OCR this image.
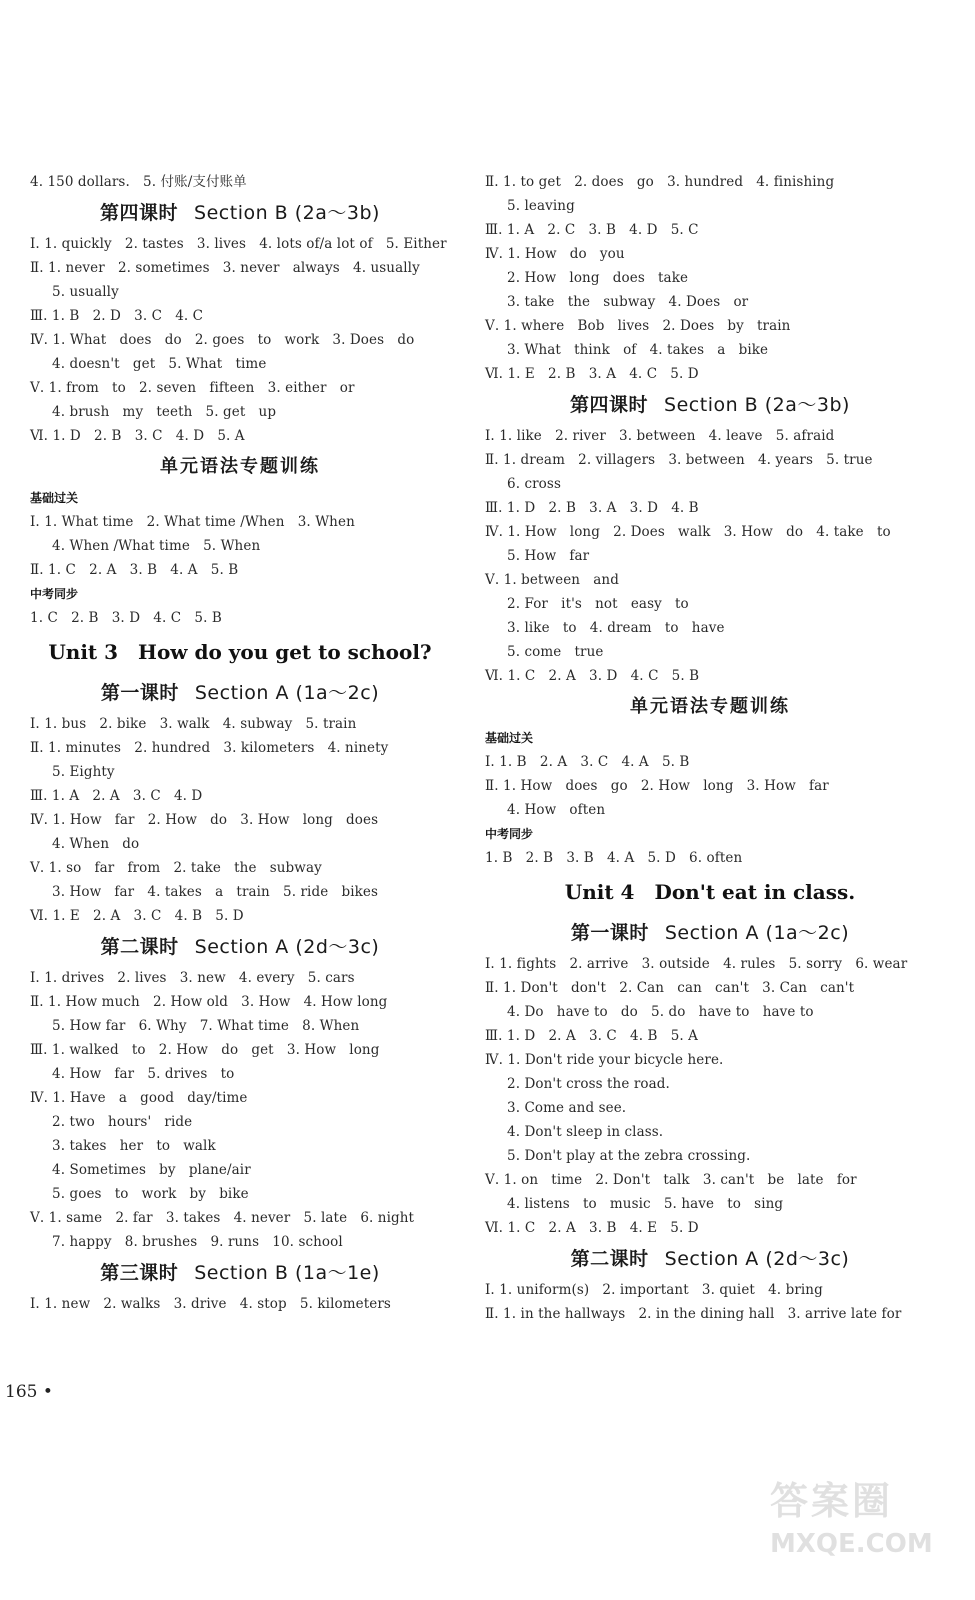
4. 150 dollars.   5. 付账/支付账单
第四课时 Section B (2a～3b)
Ⅰ. 1. quickly   2. tastes   3. lives   4. lots of/a lot of   5. Either
Ⅱ. 1. never   2. sometimes   3. never   always   4. usually
5. usually
Ⅲ. 1. B   2. D   3. C   4. C
Ⅳ. 1. What   does   do   2. goes   to   work   3. Does   do
4. doesn't   get   5. What   time
Ⅴ. 1. from   to   2. seven   fifteen   3. either   or
4. brush   my   teeth   5. get   up
Ⅵ. 1. D   2. B   3. C   4. D   5. A
单元语法专题训练
基础过关
Ⅰ. 1. What time   2. What time /When   3. When
4. When /What time   5. When
Ⅱ. 1. C   2. A   3. B   4. A   5. B
中考同步
1. C   2. B   3. D   4. C   5. B
Unit 3 How do you get to school?
第一课时 Section A (1a～2c)
Ⅰ. 1. bus   2. bike   3. walk   4. subway   5. train
Ⅱ. 1. minutes   2. hundred   3. kilometers   4. ninety
5. Eighty
Ⅲ. 1. A   2. A   3. C   4. D
Ⅳ. 1. How   far   2. How   do   3. How   long   does
4. When   do
Ⅴ. 1. so   far   from   2. take   the   subway
3. How   far   4. takes   a   train   5. ride   bikes
Ⅵ. 1. E   2. A   3. C   4. B   5. D
第二课时 Section A (2d～3c)
Ⅰ. 1. drives   2. lives   3. new   4. every   5. cars
Ⅱ. 1. How much   2. How old   3. How   4. How long
5. How far   6. Why   7. What time   8. When
Ⅲ. 1. walked   to   2. How   do   get   3. How   long
4. How   far   5. drives   to
Ⅳ. 1. Have   a   good   day/time
2. two   hours'   ride
3. takes   her   to   walk
4. Sometimes   by   plane/air
5. goes   to   work   by   bike
Ⅴ. 1. same   2. far   3. takes   4. never   5. late   6. night
7. happy   8. brushes   9. runs   10. school
第三课时 Section B (1a～1e)
Ⅰ. 1. new   2. walks   3. drive   4. stop   5. kilometers
Ⅱ. 1. to get   2. does   go   3. hundred   4. finishing
5. leaving
Ⅲ. 1. A   2. C   3. B   4. D   5. C
Ⅳ. 1. How   do   you
2. How   long   does   take
3. take   the   subway   4. Does   or
Ⅴ. 1. where   Bob   lives   2. Does   by   train
3. What   think   of   4. takes   a   bike
Ⅵ. 1. E   2. B   3. A   4. C   5. D
第四课时 Section B (2a～3b)
Ⅰ. 1. like   2. river   3. between   4. leave   5. afraid
Ⅱ. 1. dream   2. villagers   3. between   4. years   5. true
6. cross
Ⅲ. 1. D   2. B   3. A   3. D   4. B
Ⅳ. 1. How   long   2. Does   walk   3. How   do   4. take   to
5. How   far
Ⅴ. 1. between   and
2. For   it's   not   easy   to
3. like   to   4. dream   to   have
5. come   true
Ⅵ. 1. C   2. A   3. D   4. C   5. B
单元语法专题训练
基础过关
Ⅰ. 1. B   2. A   3. C   4. A   5. B
Ⅱ. 1. How   does   go   2. How   long   3. How   far
4. How   often
中考同步
1. B   2. B   3. B   4. A   5. D   6. often
Unit 4 Don't eat in class.
第一课时 Section A (1a～2c)
Ⅰ. 1. fights   2. arrive   3. outside   4. rules   5. sorry   6. wear
Ⅱ. 1. Don't   don't   2. Can   can   can't   3. Can   can't
4. Do   have to   do   5. do   have to   have to
Ⅲ. 1. D   2. A   3. C   4. B   5. A
Ⅳ. 1. Don't ride your bicycle here.
2. Don't cross the road.
3. Come and see.
4. Don't sleep in class.
5. Don't play at the zebra crossing.
Ⅴ. 1. on   time   2. Don't   talk   3. can't   be   late   for
4. listens   to   music   5. have   to   sing
Ⅵ. 1. C   2. A   3. B   4. E   5. D
第二课时 Section A (2d～3c)
Ⅰ. 1. uniform(s)   2. important   3. quiet   4. bring
Ⅱ. 1. in the hallways   2. in the dining hall   3. arrive late for
165 •
答案圈
MXQE.COM
